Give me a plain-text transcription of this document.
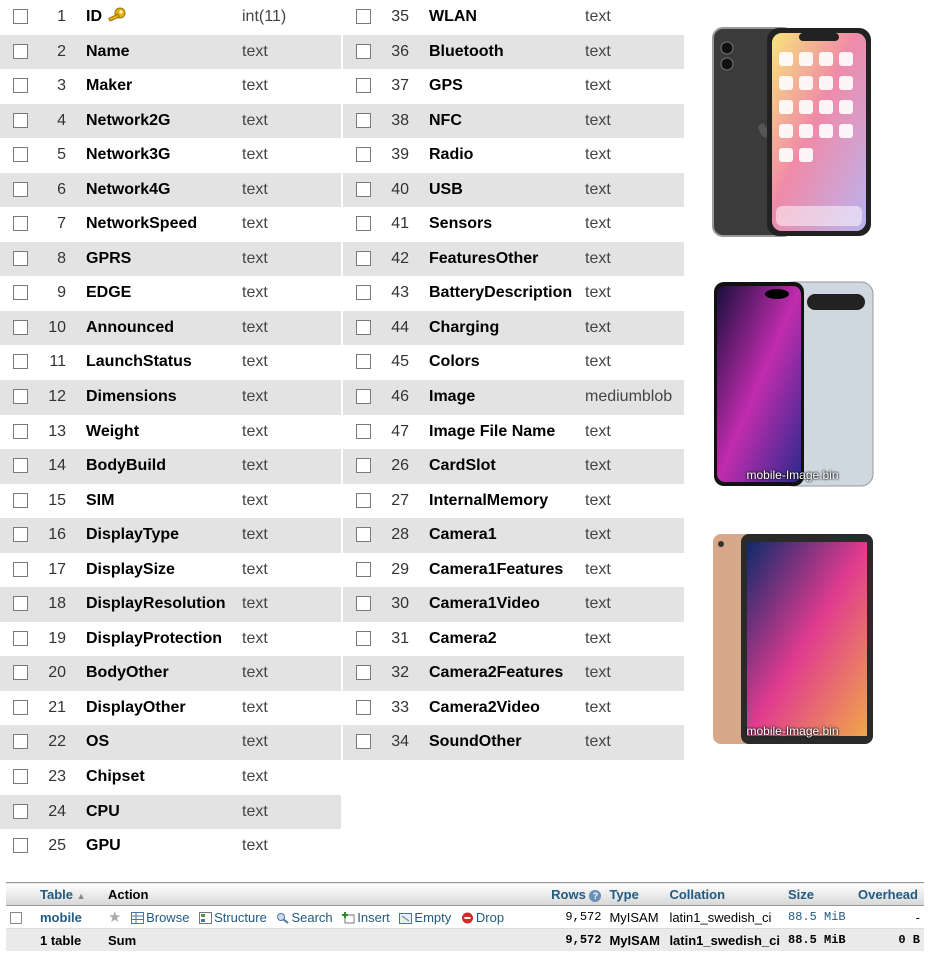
1 ID	int(11)
2 Name	text
3 Maker	text
4 Network2G	text
5 Network3G	text
6 Network4G	text
7 NetworkSpeed	text
8 GPRS	text
9 EDGE	text
10 Announced	text
11 LaunchStatus	text
12 Dimensions	text
13 Weight	text
14 BodyBuild	text
15 SIM	text
16 DisplayType	text
17 DisplaySize	text
18 DisplayResolution text
19 DisplayProtection text
20 BodyOther	text
21 DisplayOther	text
22 OS	text
23 Chipset	text
24 CPU	text
25 GPU	text
35 WLAN	text
36 Bluetooth	text
37 GPS	text
38 NFC	text
39 Radio	text
40 USB	text
41 Sensors	text
42 FeaturesOther	text
43 BatteryDescription text
44 Charging	text
45 Colors	text
46 Image	mediumblob
47 Image File Name text
26 CardSlot	text
27 InternalMemory text
28 Camera1	text
29 Camera1Features text
30 Camera1Video	text
31 Camera2	text
32 Camera2Features text
33 Camera2Video	text
34 SoundOther	text
mobile-Image.bin
mobile-Image.bin
	Table ▲	Action	Rows ?	Type	Collation	Size	Overhead
	mobile	★ Browse Structure Search Insert Empty Drop	9,572	MyISAM	latin1_swedish_ci	88.5 MiB	-
	1 table	Sum	9,572	MyISAM	latin1_swedish_ci	88.5 MiB	0 B
